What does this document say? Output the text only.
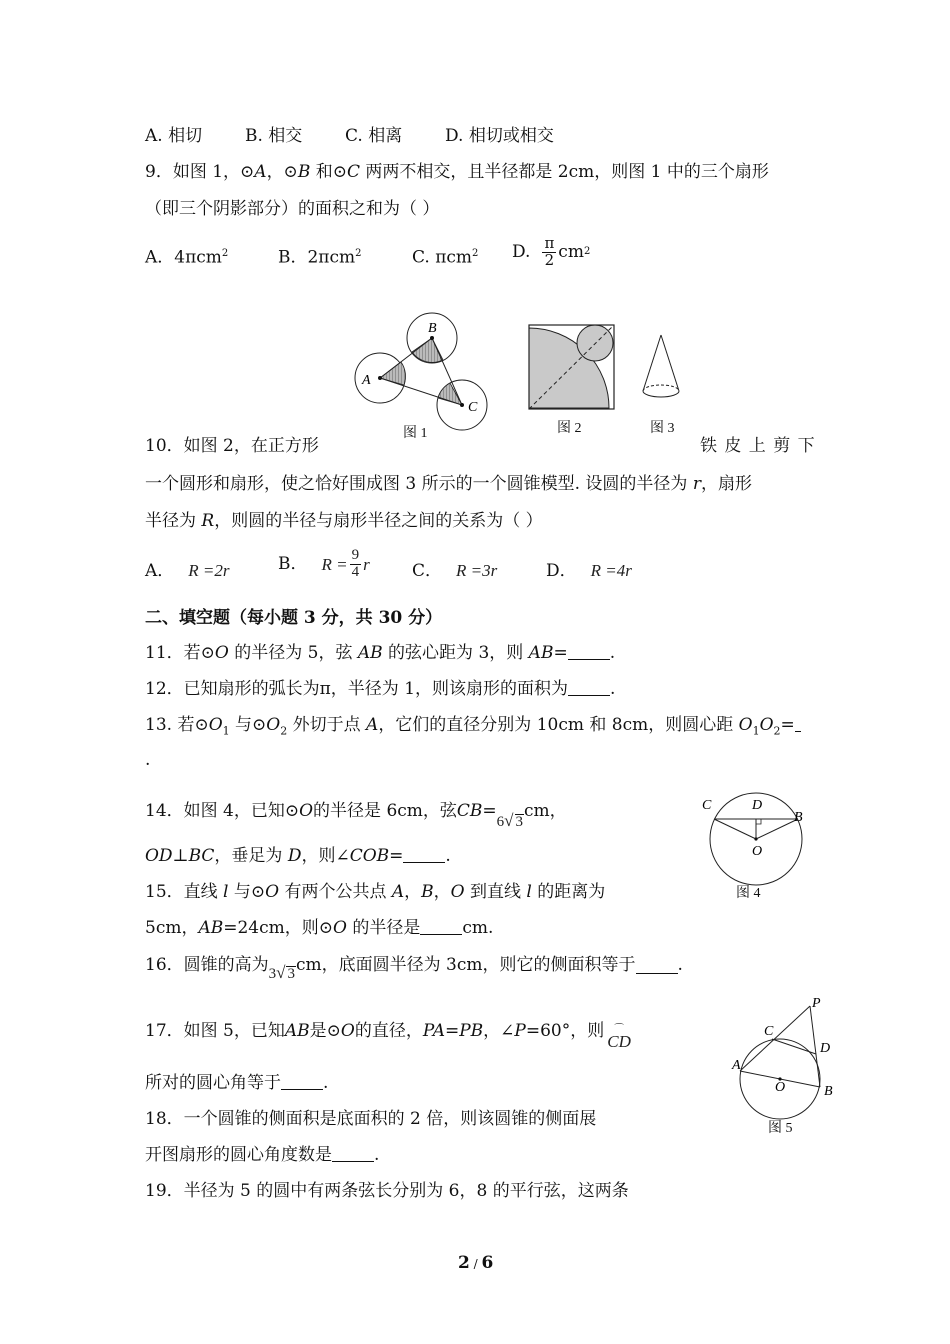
A. 相切	B. 相交	C. 相离	D. 相切或相交
9．如图 1，⊙A，⊙B 和⊙C 两两不相交，且半径都是 2cm，则图 1 中的三个扇形
（即三个阴影部分）的面积之和为（ ）
A．4πcm$^2$	B．2πcm$^2$	C. πcm$^2$ D. $\frac{\pi}{2}$ cm 2
A
B
C
图 1	图 2	图 3
10．如图 2，在正方形	铁 皮 上 剪 下
一个圆形和扇形，使之恰好围成图 3 所示的一个圆锥模型. 设圆的半径为 r，扇形
半径为 R，则圆的半径与扇形半径之间的关系为（ ）
A． R =2r	B． $R = \frac{9}{4}$ r C． R =3r	D． R =4r
二、填空题（每小题 3 分，共 30 分）
11．若⊙O 的半径为 5，弦 AB 的弦心距为 3，则 AB= .
12．已知扇形的弧长为π，半径为 1，则该扇形的面积为 .
13. 若$⊙O_1$ 与$⊙O_2$ 外切于点 A，它们的直径分别为 10cm 和 8cm，则圆心距 $O_1O_2=$
.
14．如图 4，已知⊙ O 的半径是 6cm，弦 CB =
6√ 3
cm，
OD⊥BC，垂足为 D，则∠COB= .
C	D
B
O
图 4
15．直线 l 与⊙O 有两个公共点 A，B，O 到直线 l 的距离为
5cm，AB=24cm，则⊙O 的半径是 cm.
16．圆锥的高为 3√ 3 cm，底面圆半径为 3cm，则它的侧面积等于 .
17．如图 5，已知 AB 是⊙ O 的直径， PA = PB ，∠ P =60°，则 ⌒
CD
所对的圆心角等于 .
P
C
D
A
O	B
图 5
18．一个圆锥的侧面积是底面积的 2 倍，则该圆锥的侧面展
开图扇形的圆心角度数是 .
19．半径为 5 的圆中有两条弦长分别为 6，8 的平行弦，这两条
2 / 6
